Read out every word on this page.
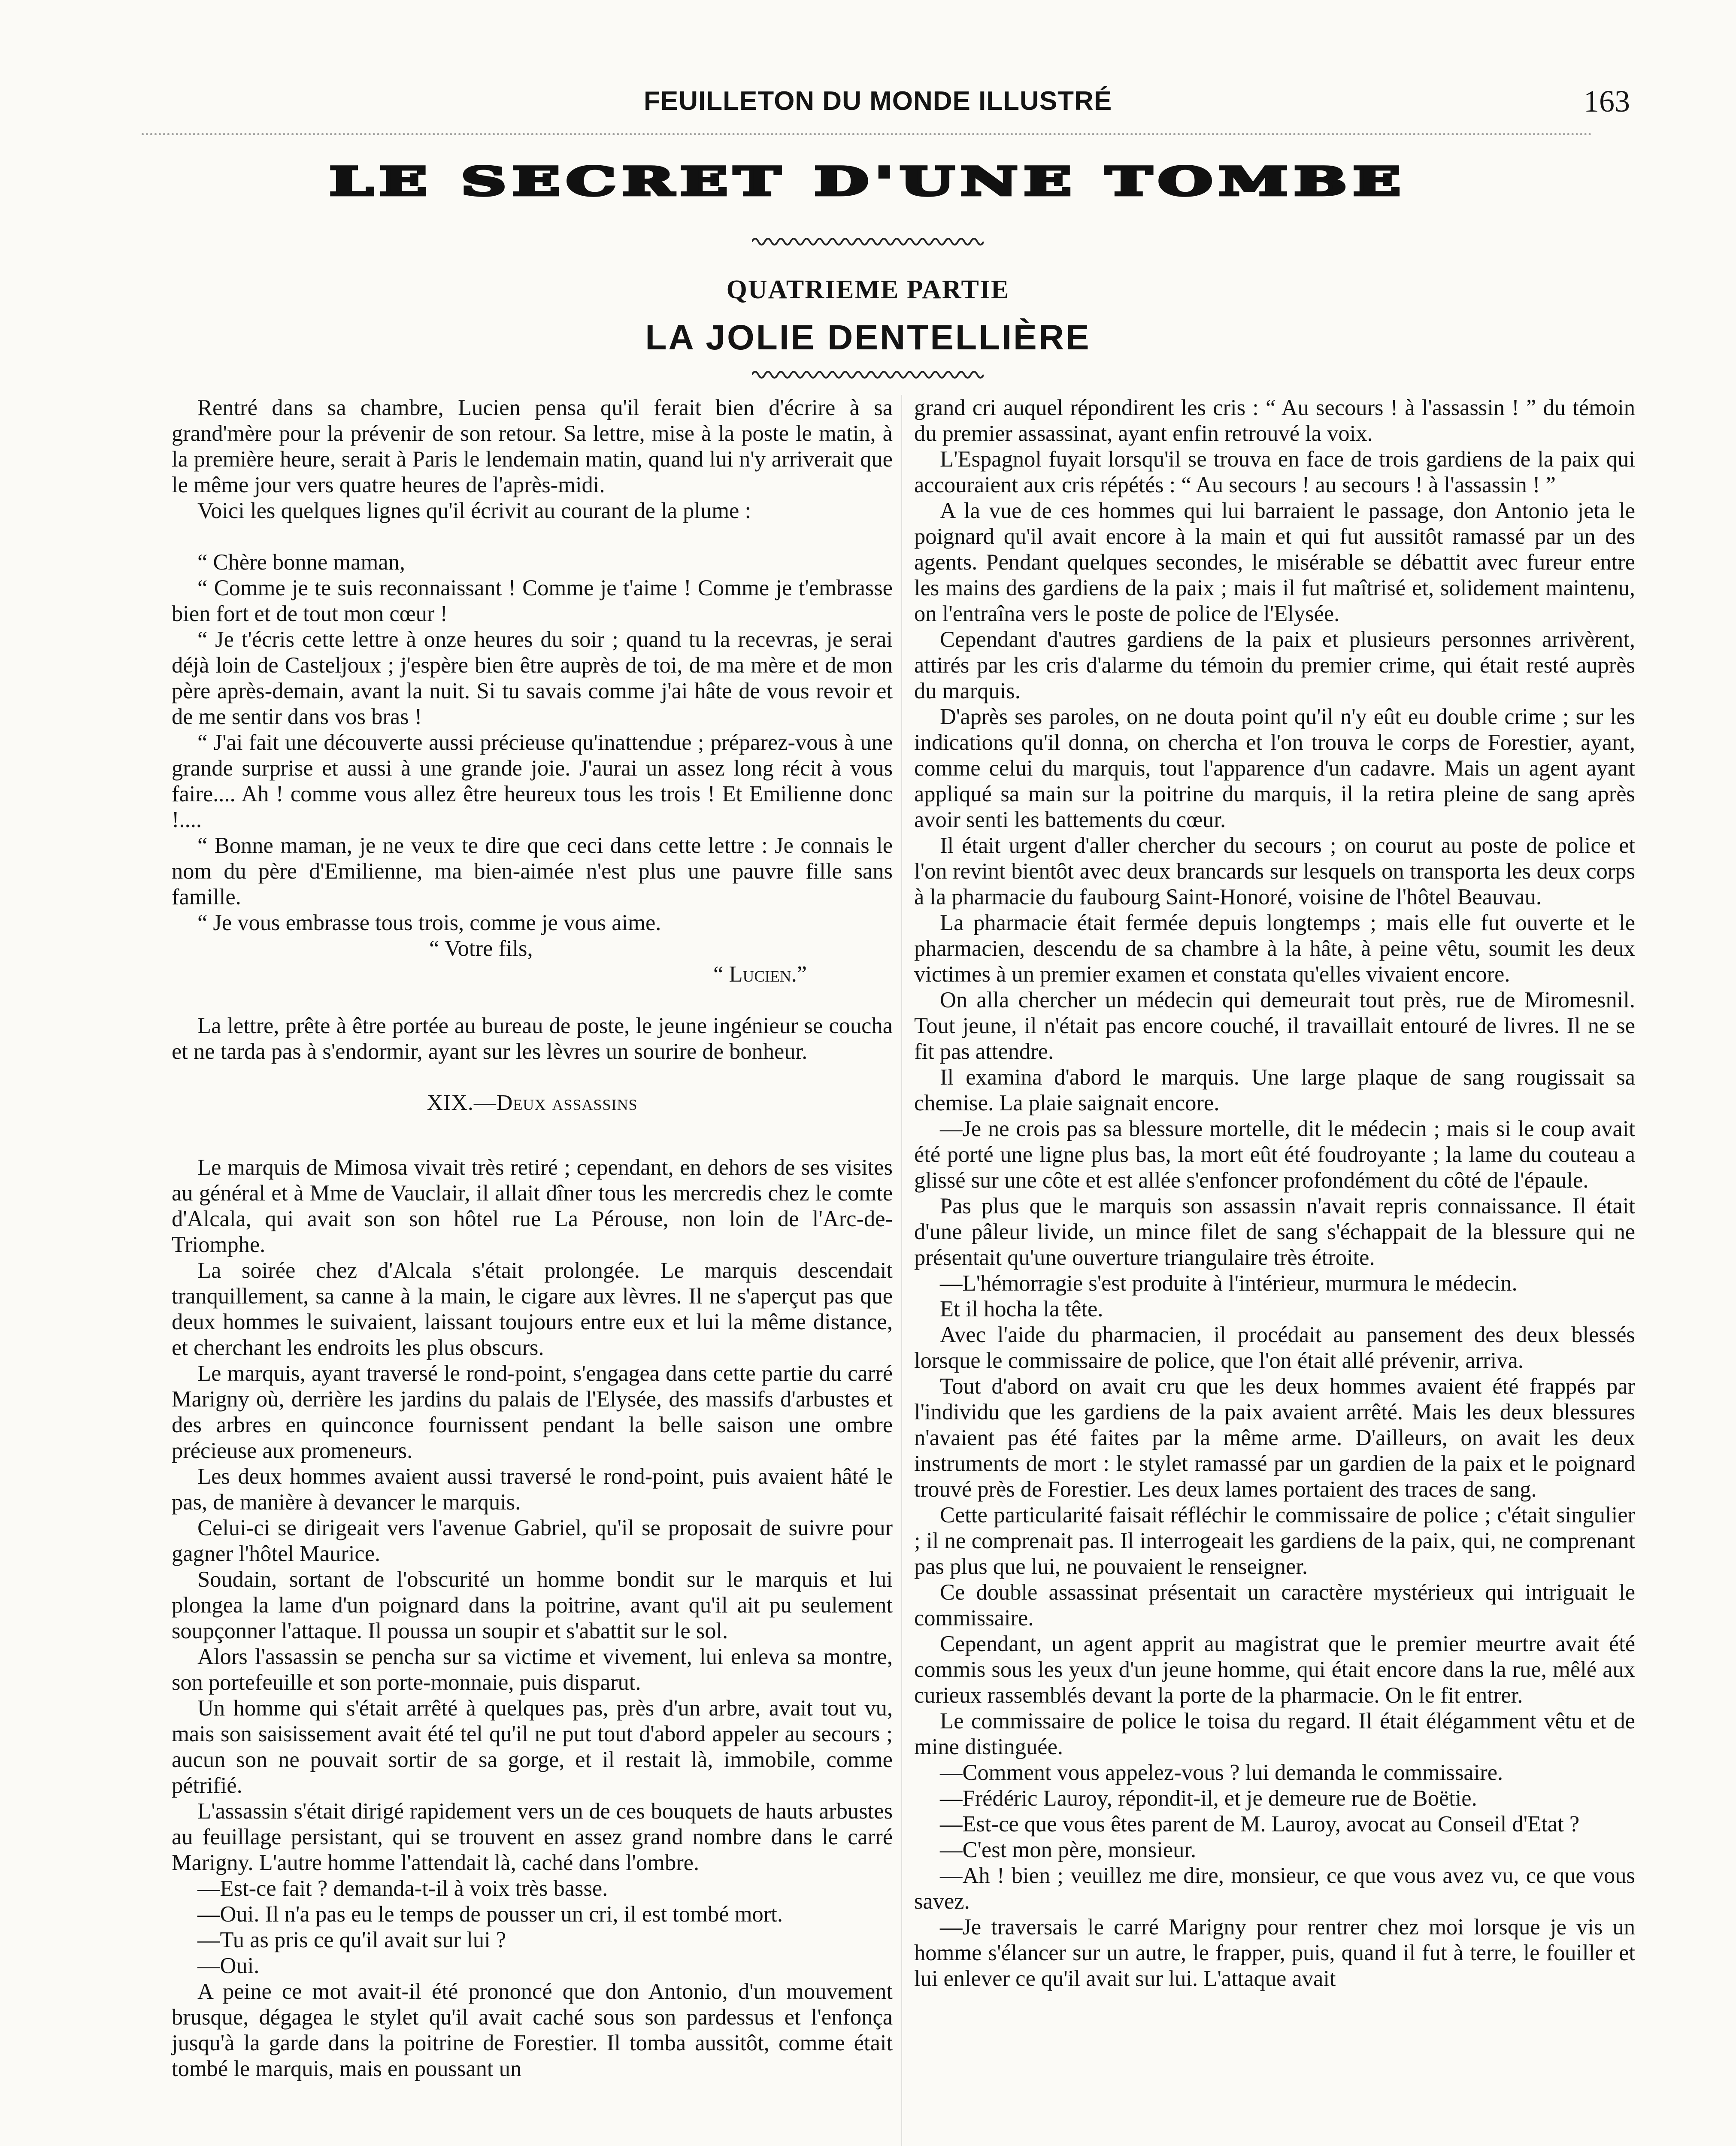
FEUILLETON DU MONDE ILLUSTRÉ	163
LE SECRET D'UNE TOMBE
QUATRIEME PARTIE
LA JOLIE DENTELLIÈRE

Rentré dans sa chambre, Lucien pensa qu'il ferait bien d'écrire à sa grand'mère pour la prévenir de son retour. Sa lettre, mise à la poste le matin, à la première heure, serait à Paris le lendemain matin, quand lui n'y arriverait que le même jour vers quatre heures de l'après-midi.

Voici les quelques lignes qu'il écrivit au courant de la plume :

“ Chère bonne maman,

“ Comme je te suis reconnaissant ! Comme je t'aime ! Comme je t'embrasse bien fort et de tout mon cœur !

“ Je t'écris cette lettre à onze heures du soir ; quand tu la recevras, je serai déjà loin de Casteljoux ; j'espère bien être auprès de toi, de ma mère et de mon père après-demain, avant la nuit. Si tu savais comme j'ai hâte de vous revoir et de me sentir dans vos bras !

“ J'ai fait une découverte aussi précieuse qu'inattendue ; préparez-vous à une grande surprise et aussi à une grande joie. J'aurai un assez long récit à vous faire.... Ah ! comme vous allez être heureux tous les trois ! Et Emilienne donc !....

“ Bonne maman, je ne veux te dire que ceci dans cette lettre : Je connais le nom du père d'Emilienne, ma bien-aimée n'est plus une pauvre fille sans famille.

“ Je vous embrasse tous trois, comme je vous aime.

“ Votre fils,

“ Lucien.”

La lettre, prête à être portée au bureau de poste, le jeune ingénieur se coucha et ne tarda pas à s'endormir, ayant sur les lèvres un sourire de bonheur.

XIX.—Deux assassins

Le marquis de Mimosa vivait très retiré ; cependant, en dehors de ses visites au général et à Mme de Vauclair, il allait dîner tous les mercredis chez le comte d'Alcala, qui avait son son hôtel rue La Pérouse, non loin de l'Arc-de-Triomphe.

La soirée chez d'Alcala s'était prolongée. Le marquis descendait tranquillement, sa canne à la main, le cigare aux lèvres. Il ne s'aperçut pas que deux hommes le suivaient, laissant toujours entre eux et lui la même distance, et cherchant les endroits les plus obscurs.

Le marquis, ayant traversé le rond-point, s'engagea dans cette partie du carré Marigny où, derrière les jardins du palais de l'Elysée, des massifs d'arbustes et des arbres en quinconce fournissent pendant la belle saison une ombre précieuse aux promeneurs.

Les deux hommes avaient aussi traversé le rond-point, puis avaient hâté le pas, de manière à devancer le marquis.

Celui-ci se dirigeait vers l'avenue Gabriel, qu'il se proposait de suivre pour gagner l'hôtel Maurice.

Soudain, sortant de l'obscurité un homme bondit sur le marquis et lui plongea la lame d'un poignard dans la poitrine, avant qu'il ait pu seulement soupçonner l'attaque. Il poussa un soupir et s'abattit sur le sol.

Alors l'assassin se pencha sur sa victime et vivement, lui enleva sa montre, son portefeuille et son porte-monnaie, puis disparut.

Un homme qui s'était arrêté à quelques pas, près d'un arbre, avait tout vu, mais son saisissement avait été tel qu'il ne put tout d'abord appeler au secours ; aucun son ne pouvait sortir de sa gorge, et il restait là, immobile, comme pétrifié.

L'assassin s'était dirigé rapidement vers un de ces bouquets de hauts arbustes au feuillage persistant, qui se trouvent en assez grand nombre dans le carré Marigny. L'autre homme l'attendait là, caché dans l'ombre.

—Est-ce fait ? demanda-t-il à voix très basse.

—Oui. Il n'a pas eu le temps de pousser un cri, il est tombé mort.

—Tu as pris ce qu'il avait sur lui ?

—Oui.

A peine ce mot avait-il été prononcé que don Antonio, d'un mouvement brusque, dégagea le stylet qu'il avait caché sous son pardessus et l'enfonça jusqu'à la garde dans la poitrine de Forestier. Il tomba aussitôt, comme était tombé le marquis, mais en poussant un

grand cri auquel répondirent les cris : “ Au secours ! à l'assassin ! ” du témoin du premier assassinat, ayant enfin retrouvé la voix.

L'Espagnol fuyait lorsqu'il se trouva en face de trois gardiens de la paix qui accouraient aux cris répétés : “ Au secours ! au secours ! à l'assassin ! ”

A la vue de ces hommes qui lui barraient le passage, don Antonio jeta le poignard qu'il avait encore à la main et qui fut aussitôt ramassé par un des agents. Pendant quelques secondes, le misérable se débattit avec fureur entre les mains des gardiens de la paix ; mais il fut maîtrisé et, solidement maintenu, on l'entraîna vers le poste de police de l'Elysée.

Cependant d'autres gardiens de la paix et plusieurs personnes arrivèrent, attirés par les cris d'alarme du témoin du premier crime, qui était resté auprès du marquis.

D'après ses paroles, on ne douta point qu'il n'y eût eu double crime ; sur les indications qu'il donna, on chercha et l'on trouva le corps de Forestier, ayant, comme celui du marquis, tout l'apparence d'un cadavre. Mais un agent ayant appliqué sa main sur la poitrine du marquis, il la retira pleine de sang après avoir senti les battements du cœur.

Il était urgent d'aller chercher du secours ; on courut au poste de police et l'on revint bientôt avec deux brancards sur lesquels on transporta les deux corps à la pharmacie du faubourg Saint-Honoré, voisine de l'hôtel Beauvau.

La pharmacie était fermée depuis longtemps ; mais elle fut ouverte et le pharmacien, descendu de sa chambre à la hâte, à peine vêtu, soumit les deux victimes à un premier examen et constata qu'elles vivaient encore.

On alla chercher un médecin qui demeurait tout près, rue de Miromesnil. Tout jeune, il n'était pas encore couché, il travaillait entouré de livres. Il ne se fit pas attendre.

Il examina d'abord le marquis. Une large plaque de sang rougissait sa chemise. La plaie saignait encore.

—Je ne crois pas sa blessure mortelle, dit le médecin ; mais si le coup avait été porté une ligne plus bas, la mort eût été foudroyante ; la lame du couteau a glissé sur une côte et est allée s'enfoncer profondément du côté de l'épaule.

Pas plus que le marquis son assassin n'avait repris connaissance. Il était d'une pâleur livide, un mince filet de sang s'échappait de la blessure qui ne présentait qu'une ouverture triangulaire très étroite.

—L'hémorragie s'est produite à l'intérieur, murmura le médecin.

Et il hocha la tête.

Avec l'aide du pharmacien, il procédait au pansement des deux blessés lorsque le commissaire de police, que l'on était allé prévenir, arriva.

Tout d'abord on avait cru que les deux hommes avaient été frappés par l'individu que les gardiens de la paix avaient arrêté. Mais les deux blessures n'avaient pas été faites par la même arme. D'ailleurs, on avait les deux instruments de mort : le stylet ramassé par un gardien de la paix et le poignard trouvé près de Forestier. Les deux lames portaient des traces de sang.

Cette particularité faisait réfléchir le commissaire de police ; c'était singulier ; il ne comprenait pas. Il interrogeait les gardiens de la paix, qui, ne comprenant pas plus que lui, ne pouvaient le renseigner.

Ce double assassinat présentait un caractère mystérieux qui intriguait le commissaire.

Cependant, un agent apprit au magistrat que le premier meurtre avait été commis sous les yeux d'un jeune homme, qui était encore dans la rue, mêlé aux curieux rassemblés devant la porte de la pharmacie. On le fit entrer.

Le commissaire de police le toisa du regard. Il était élégamment vêtu et de mine distinguée.

—Comment vous appelez-vous ? lui demanda le commissaire.

—Frédéric Lauroy, répondit-il, et je demeure rue de Boëtie.

—Est-ce que vous êtes parent de M. Lauroy, avocat au Conseil d'Etat ?

—C'est mon père, monsieur.

—Ah ! bien ; veuillez me dire, monsieur, ce que vous avez vu, ce que vous savez.

—Je traversais le carré Marigny pour rentrer chez moi lorsque je vis un homme s'élancer sur un autre, le frapper, puis, quand il fut à terre, le fouiller et lui enlever ce qu'il avait sur lui. L'attaque avait
